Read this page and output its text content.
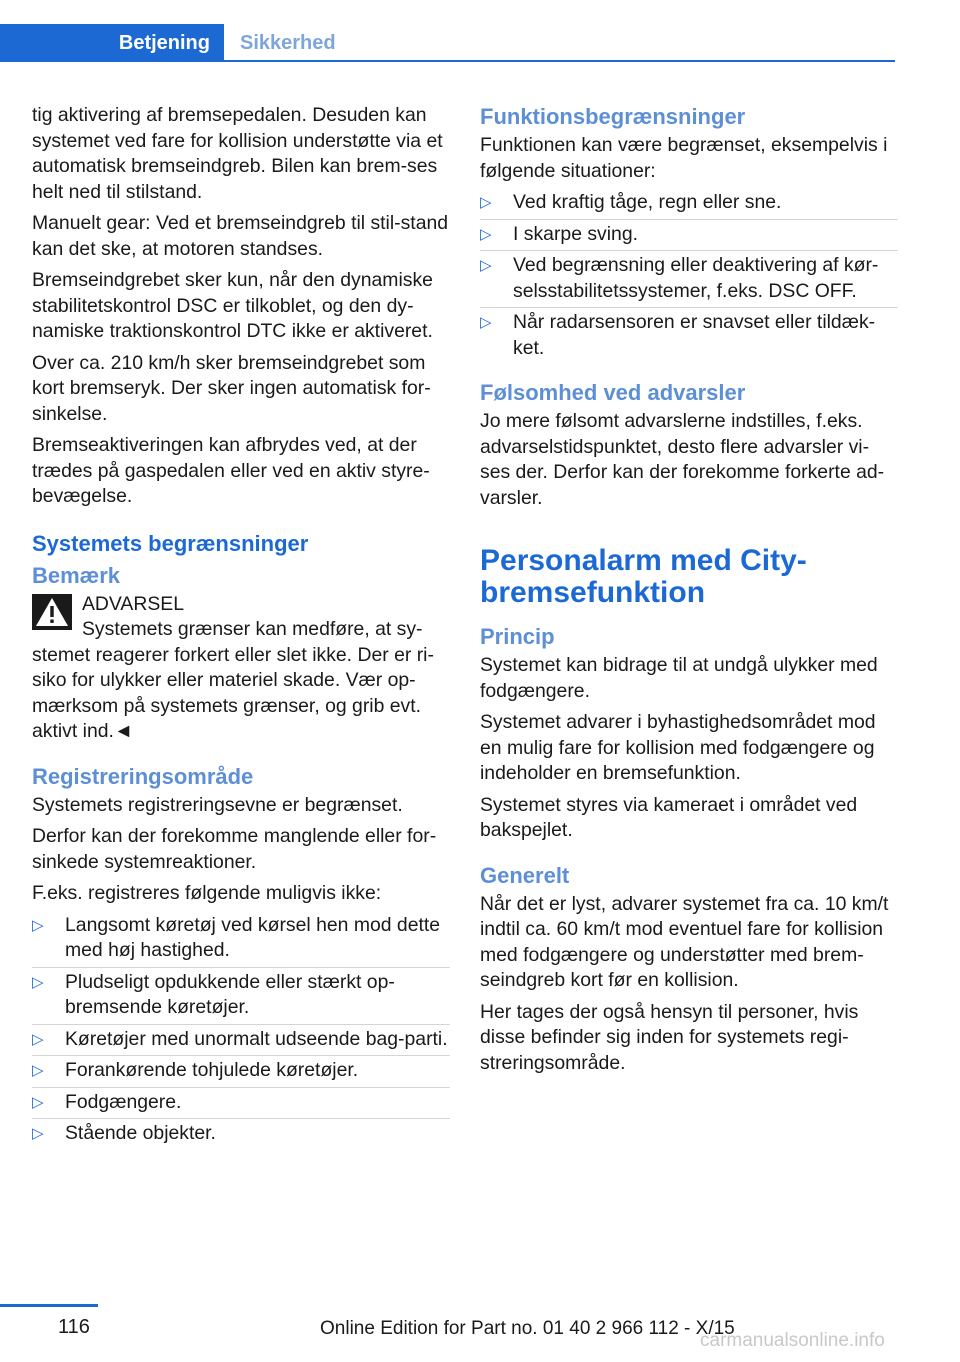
Betjening	Sikkerhed

tig aktivering af bremsepedalen. Desuden kan systemet ved fare for kollision understøtte via et automatisk bremseindgreb. Bilen kan brem-ses helt ned til stilstand.

Manuelt gear: Ved et bremseindgreb til stil-stand kan det ske, at motoren standses.

Bremseindgrebet sker kun, når den dynamiske stabilitetskontrol DSC er tilkoblet, og den dy-namiske traktionskontrol DTC ikke er aktiveret.

Over ca. 210 km/h sker bremseindgrebet som kort bremseryk. Der sker ingen automatisk for-sinkelse.

Bremseaktiveringen kan afbrydes ved, at der trædes på gaspedalen eller ved en aktiv styre-bevægelse.

Systemets begrænsninger
Bemærk
ADVARSEL
Systemets grænser kan medføre, at sy-stemet reagerer forkert eller slet ikke. Der er ri-siko for ulykker eller materiel skade. Vær op-mærksom på systemets grænser, og grib evt. aktivt ind.◄
Registreringsområde

Systemets registreringsevne er begrænset.

Derfor kan der forekomme manglende eller for-sinkede systemreaktioner.

F.eks. registreres følgende muligvis ikke:

▷ Langsomt køretøj ved kørsel hen mod dette med høj hastighed.
▷ Pludseligt opdukkende eller stærkt op-bremsende køretøjer.
▷ Køretøjer med unormalt udseende bag-parti.
▷ Forankørende tohjulede køretøjer.
▷ Fodgængere.
▷ Stående objekter.
Funktionsbegrænsninger

Funktionen kan være begrænset, eksempelvis i følgende situationer:

▷ Ved kraftig tåge, regn eller sne.
▷ I skarpe sving.
▷ Ved begrænsning eller deaktivering af kør-selsstabilitetssystemer, f.eks. DSC OFF.
▷ Når radarsensoren er snavset eller tildæk-ket.
Følsomhed ved advarsler

Jo mere følsomt advarslerne indstilles, f.eks. advarselstidspunktet, desto flere advarsler vi-ses der. Derfor kan der forekomme forkerte ad-varsler.

Personalarm med City-bremsefunktion
Princip

Systemet kan bidrage til at undgå ulykker med fodgængere.

Systemet advarer i byhastighedsområdet mod en mulig fare for kollision med fodgængere og indeholder en bremsefunktion.

Systemet styres via kameraet i området ved bakspejlet.

Generelt

Når det er lyst, advarer systemet fra ca. 10 km/t indtil ca. 60 km/t mod eventuel fare for kollision med fodgængere og understøtter med brem-seindgreb kort før en kollision.

Her tages der også hensyn til personer, hvis disse befinder sig inden for systemets regi-streringsområde.

116	Online Edition for Part no. 01 40 2 966 112 - X/15
carmanualsonline.info
